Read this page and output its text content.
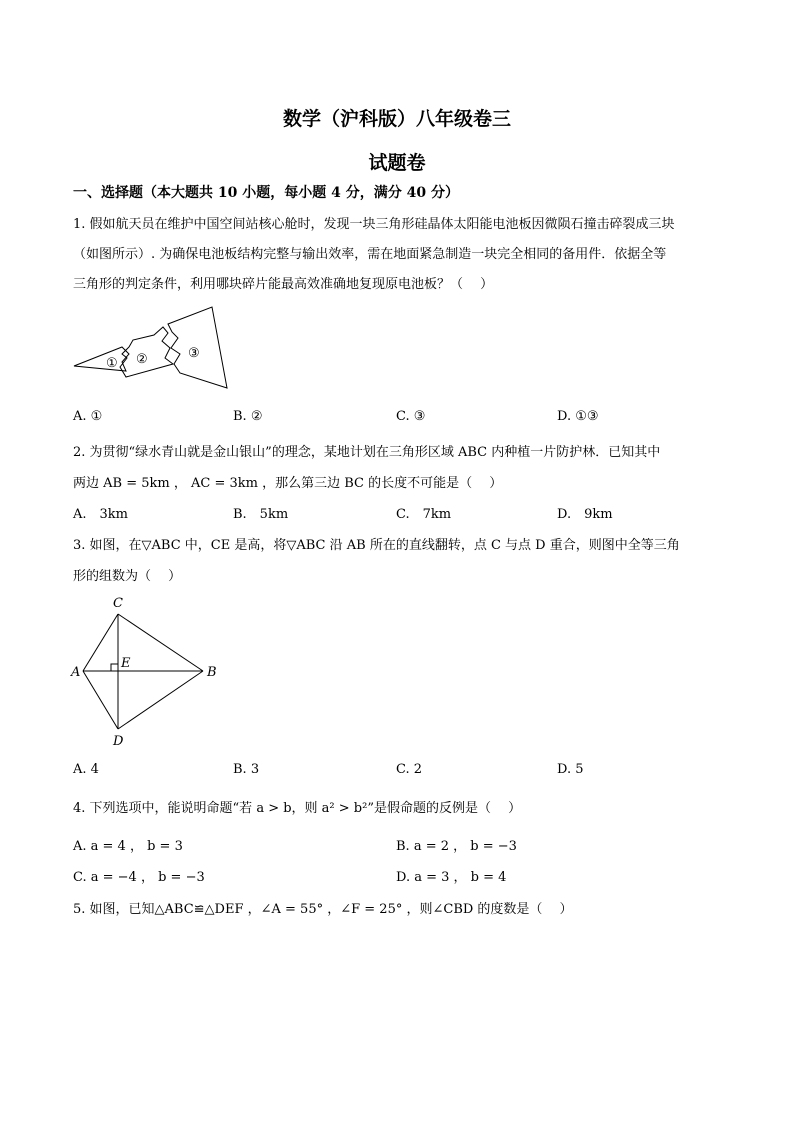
数学（沪科版）八年级卷三
试题卷
一、选择题（本大题共 10 小题，每小题 4 分，满分 40 分）
1. 假如航天员在维护中国空间站核心舱时，发现一块三角形硅晶体太阳能电池板因微陨石撞击碎裂成三块
（如图所示）. 为确保电池板结构完整与输出效率，需在地面紧急制造一块完全相同的备用件．依据全等
三角形的判定条件，利用哪块碎片能最高效准确地复现原电池板？（　 ）
① ②	③
A. ①	B. ②	C. ③	D. ①③
2. 为贯彻“绿水青山就是金山银山”的理念，某地计划在三角形区域 ABC 内种植一片防护林．已知其中
两边 AB = 5km ， AC = 3km ，那么第三边 BC 的长度不可能是（　 ）
A.　3km	B.　5km	C.　7km	D.　9km
3. 如图，在▽ABC 中，CE 是高，将▽ABC 沿 AB 所在的直线翻转，点 C 与点 D 重合，则图中全等三角
形的组数为（　 ）
C
A
E
B
D
A. 4	B. 3	C. 2	D. 5
4. 下列选项中，能说明命题“若 a > b，则 a² > b²”是假命题的反例是（　 ）
A. a = 4 ， b = 3	B. a = 2 ， b = −3
C. a = −4 ， b = −3	D. a = 3 ， b = 4
5. 如图，已知△ABC≌△DEF ，∠A = 55° ，∠F = 25° ，则∠CBD 的度数是（　 ）
